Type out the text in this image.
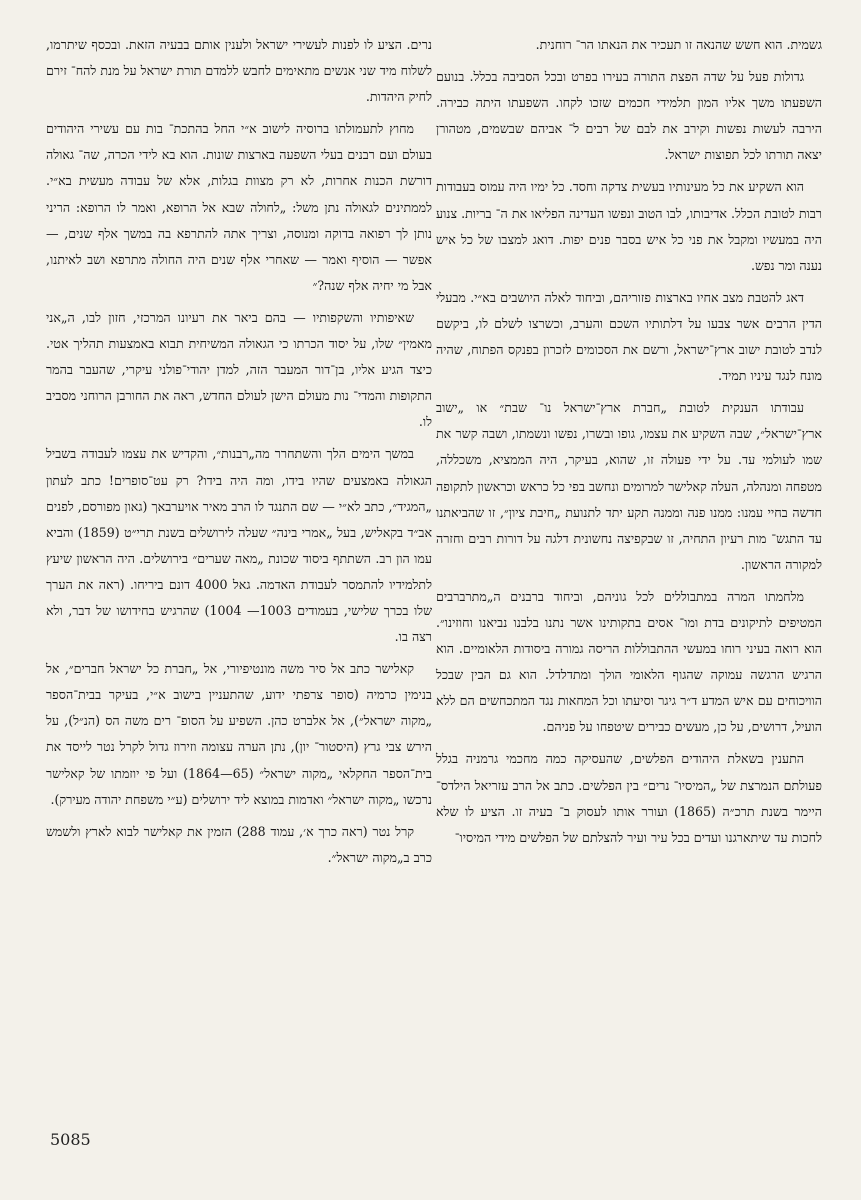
גשמית. הוא חשש שהנאה זו תעכיר את הנאתו הר־ רוחנית.

גדולות פעל על שדה הפצת התורה בעירו בפרט ובכל הסביבה בכלל. בנועם השפעתו משך אליו המון תלמידי חכמים שזכו לקחו. השפעתו היתה כבירה. הירבה לעשות נפשות וקירב את לבם של רבים ל־ אביהם שבשמים, מטהורן יצאה תורתו לכל תפוצות ישראל.

הוא השקיע את כל מעינותיו בעשית צדקה וחסד. כל ימיו היה עמוס בעבודות רבות לטובת הכלל. אדיבותו, לבו הטוב ונפשו העדינה הפליאו את ה־ בריות. צנוע היה במעשיו ומקבל את פני כל איש בסבר פנים יפות. דואג למצבו של כל איש נענה ומר נפש.

דאג להטבת מצב אחיו בארצות פזוריהם, וביחוד לאלה היושבים בא״י. מבעלי הדין הרבים אשר צבעו על דלתותיו השכם והערב, וכשרצו לשלם לו, ביקשם לנדב לטובת ישוב ארץ־ישראל, ורשם את הסכומים לזכרון בפנקס הפתוח, שהיה מונח לנגד עיניו תמיד.

עבודתו הענקית לטובת „חברת ארץ־ישראל נו־ שבת״ או „ישוב ארץ־ישראל״, שבה השקיע את עצמו, גופו ובשרו, נפשו ונשמתו, ושבה קשר את שמו לעולמי עד. על ידי פעולה זו, שהוא, בעיקר, היה הממציא, משכללה, מטפחה ומנהלה, העלה קאלישר למרומים ונחשב בפי כל כראש וכראשון לתקופה חדשה בחיי עמנו: ממנו פנה וממנה תקע יתד לתנועת „חיבת ציון״, זו שהביאתנו עד התגש־ מות רעיון התחיה, זו שבקפיצה נחשונית דלגה על דורות רבים וחזרה למקורה הראשון.

מלחמתו המרה במתבוללים לכל גוניהם, וביחוד ברבנים ה„מתרברבים המטיפים לתיקונים בדת ומו־ אסים בתקותינו אשר נתנו בלבנו נביאנו וחוזינו״. הוא רואה בעיני רוחו במעשי ההתבוללות הריסה גמורה ביסודות הלאומיים. הוא הרגיש הרגשה עמוקה שהגוף הלאומי הולך ומתדלדל. הוא גם הבין שבכל הוויכוחים עם איש המדע ד״ר גיגר וסיעתו וכל המחאות נגד המתכחשים הם ללא הועיל, דרושים, על כן, מעשים כבירים שיטפחו על פניהם.

התענין בשאלת היהודים הפלשים, שהעסיקה כמה מחכמי גרמניה בגלל פעולתם הנמרצת של „המיסיו־ נרים״ בין הפלשים. כתב אל הרב עזריאל הילדס־ היימר בשנת תרכ״ה (1865) ועורר אותו לעסוק ב־ בעיה זו. הציע לו שלא לחכות עד שיתארגנו ועדים בכל עיר ועיר להצלתם של הפלשים מידי המיסיו־

נרים. הציע לו לפנות לעשירי ישראל ולענין אותם בבעיה הזאת. ובכסף שיתרמו, לשלוח מיד שני אנשים מתאימים לחבש ללמדם תורת ישראל על מנת להח־ זירם לחיק היהדות.

מחוץ לתעמולתו ברוסיה לישוב א״י החל בהתכת־ בות עם עשירי היהודים בעולם ועם רבנים בעלי השפעה בארצות שונות. הוא בא לידי הכרה, שה־ גאולה דורשת הכנות אחרות, לא רק מצוות בגלות, אלא של עבודה מעשית בא״י. לממתינים לגאולה נתן משל: „לחולה שבא אל הרופא, ואמר לו הרופא: הריני נותן לך רפואה בדוקה ומנוסה, וצריך אתה להתרפא בה במשך אלף שנים, — אפשר — הוסיף ואמר — שאחרי אלף שנים היה החולה מתרפא ושב לאיתנו, אבל מי יחיה אלף שנה?״

שאיפותיו והשקפותיו — בהם ביאר את רעיונו המרכזי, חזון לבו, ה„אני מאמין״ שלו, על יסוד הכרתו כי הגאולה המשיחית תבוא באמצעות תהליך אטי. כיצד הגיע אליו, בן־דור המעבר הזה, למדן יהודי־פולני עיקרי, שהעבר בהמר התקופות והמדי־ נות מעולם הישן לעולם החדש, ראה את החורבן הרוחני מסביב לו.

במשך הימים הלך והשתחרר מה„רבנות״, והקדיש את עצמו לעבודה בשביל הגאולה באמצעים שהיו בידו, ומה היה בידו? רק עט־סופרים! כתב לעתון „המגיד״, כתב לא״י — שם התנגד לו הרב מאיר אויערבאך (גאון מפורסם, לפנים אב״ד בקאליש, בעל „אמרי בינה״ שעלה לירושלים בשנת תרי״ט (1859) והביא עמו הון רב. השתתף ביסוד שכונת „מאה שערים״ בירושלים. היה הראשון שיעץ לתלמידיו להתמסר לעבודת האדמה. גאל 4000 דונם ביריחו. (ראה את הערך שלו בכרך שלישי, בעמודים 1003— 1004) שהרגיש בחידושו של דבר, ולא רצה בו.

קאלישר כתב אל סיר משה מונטיפיורי, אל „חברת כל ישראל חברים״, אל בנימין כרמיה (סופר צרפתי ידוע, שהתעניין בישוב א״י, בעיקר בבית־הספר „מקוה ישראל״), אל אלברט כהן. השפיע על הסופ־ רים משה הס (הנ״ל), על הירש צבי גרץ (היסטור־ יון), נתן הערה עצומה וזירוז גדול לקרל נטר לייסד את בית־הספר החקלאי „מקוה ישראל״ (65—1864) ועל פי יוזמתו של קאלישר נרכשו „מקוה ישראל״ ואדמות במוצא ליד ירושלים (ע״י משפחת יהודה מעירק).

קרל נטר (ראה כרך א׳, עמוד 288) הזמין את קאלישר לבוא לארץ ולשמש כרב ב„מקוה ישראל״.

5085
